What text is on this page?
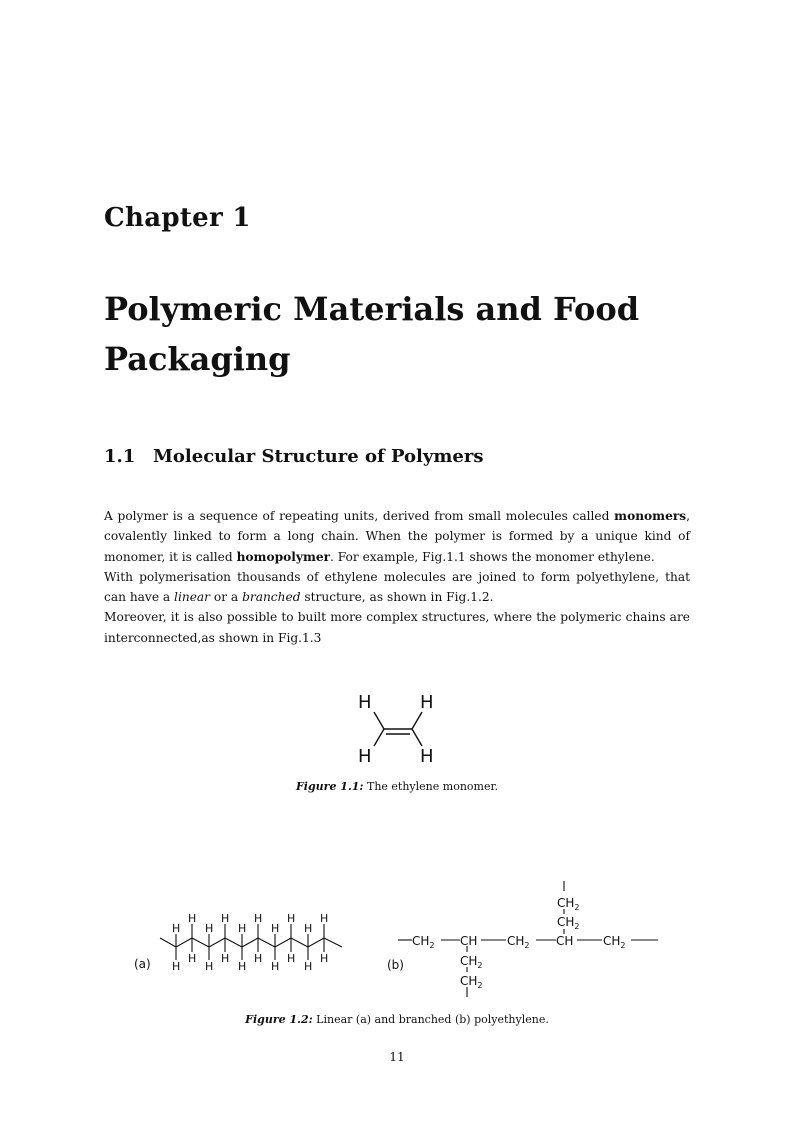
Chapter 1
Polymeric Materials and Food
Packaging
1.1 Molecular Structure of Polymers

A polymer is a sequence of repeating units, derived from small molecules called monomers, covalently linked to form a long chain. When the polymer is formed by a unique kind of monomer, it is called homopolymer. For example, Fig.1.1 shows the monomer ethylene.

With polymerisation thousands of ethylene molecules are joined to form polyethylene, that can have a linear or a branched structure, as shown in Fig.1.2.

Moreover, it is also possible to built more complex structures, where the polymeric chains are interconnected,as shown in Fig.1.3

H	H
H	H
Figure 1.1: The ethylene monomer.
(a)
H
H
H
H
H
H
H
H
H
H
H
H
H
H
H
H
H
H
H
H	(b)
$CH_2$ CH $CH_2$ CH $CH_2$
$CH_2$
$CH_2$
$CH_2$
$CH_2$
Figure 1.2: Linear (a) and branched (b) polyethylene.
11
